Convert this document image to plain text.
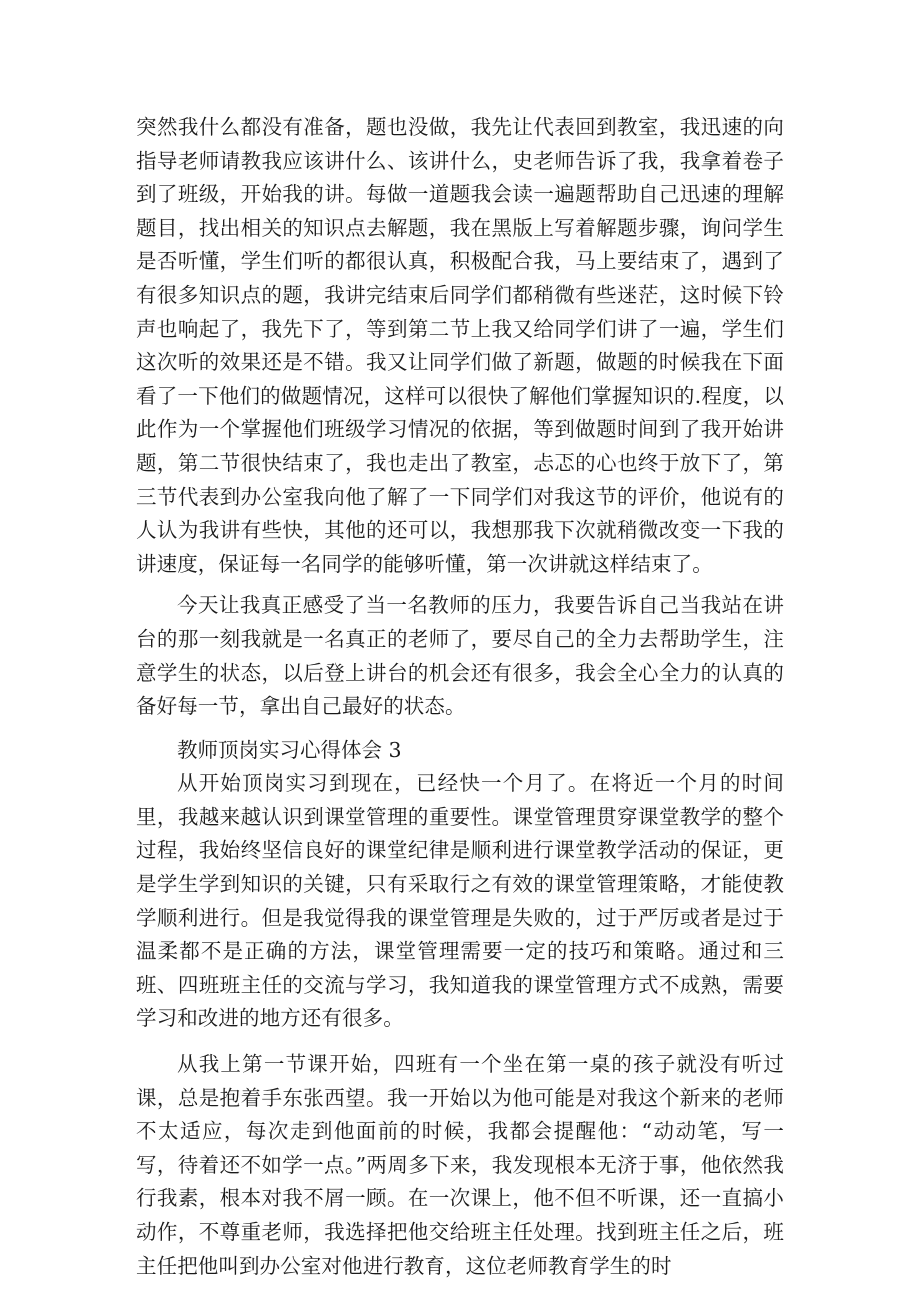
突然我什么都没有准备，题也没做，我先让代表回到教室，我迅速的向指导老师请教我应该讲什么、该讲什么，史老师告诉了我，我拿着卷子到了班级，开始我的讲。每做一道题我会读一遍题帮助自己迅速的理解题目，找出相关的知识点去解题，我在黑版上写着解题步骤，询问学生是否听懂，学生们听的都很认真，积极配合我，马上要结束了，遇到了有很多知识点的题，我讲完结束后同学们都稍微有些迷茫，这时候下铃声也响起了，我先下了，等到第二节上我又给同学们讲了一遍，学生们这次听的效果还是不错。我又让同学们做了新题，做题的时候我在下面看了一下他们的做题情况，这样可以很快了解他们掌握知识的.程度，以此作为一个掌握他们班级学习情况的依据，等到做题时间到了我开始讲题，第二节很快结束了，我也走出了教室，忐忑的心也终于放下了，第三节代表到办公室我向他了解了一下同学们对我这节的评价，他说有的人认为我讲有些快，其他的还可以，我想那我下次就稍微改变一下我的讲速度，保证每一名同学的能够听懂，第一次讲就这样结束了。

今天让我真正感受了当一名教师的压力，我要告诉自己当我站在讲台的那一刻我就是一名真正的老师了，要尽自己的全力去帮助学生，注意学生的状态，以后登上讲台的机会还有很多，我会全心全力的认真的备好每一节，拿出自己最好的状态。

教师顶岗实习心得体会 3

从开始顶岗实习到现在，已经快一个月了。在将近一个月的时间里，我越来越认识到课堂管理的重要性。课堂管理贯穿课堂教学的整个过程，我始终坚信良好的课堂纪律是顺利进行课堂教学活动的保证，更是学生学到知识的关键，只有采取行之有效的课堂管理策略，才能使教学顺利进行。但是我觉得我的课堂管理是失败的，过于严厉或者是过于温柔都不是正确的方法，课堂管理需要一定的技巧和策略。通过和三班、四班班主任的交流与学习，我知道我的课堂管理方式不成熟，需要学习和改进的地方还有很多。

从我上第一节课开始，四班有一个坐在第一桌的孩子就没有听过课，总是抱着手东张西望。我一开始以为他可能是对我这个新来的老师不太适应，每次走到他面前的时候，我都会提醒他：“动动笔，写一写，待着还不如学一点。”两周多下来，我发现根本无济于事，他依然我行我素，根本对我不屑一顾。在一次课上，他不但不听课，还一直搞小动作，不尊重老师，我选择把他交给班主任处理。找到班主任之后，班主任把他叫到办公室对他进行教育，这位老师教育学生的时
